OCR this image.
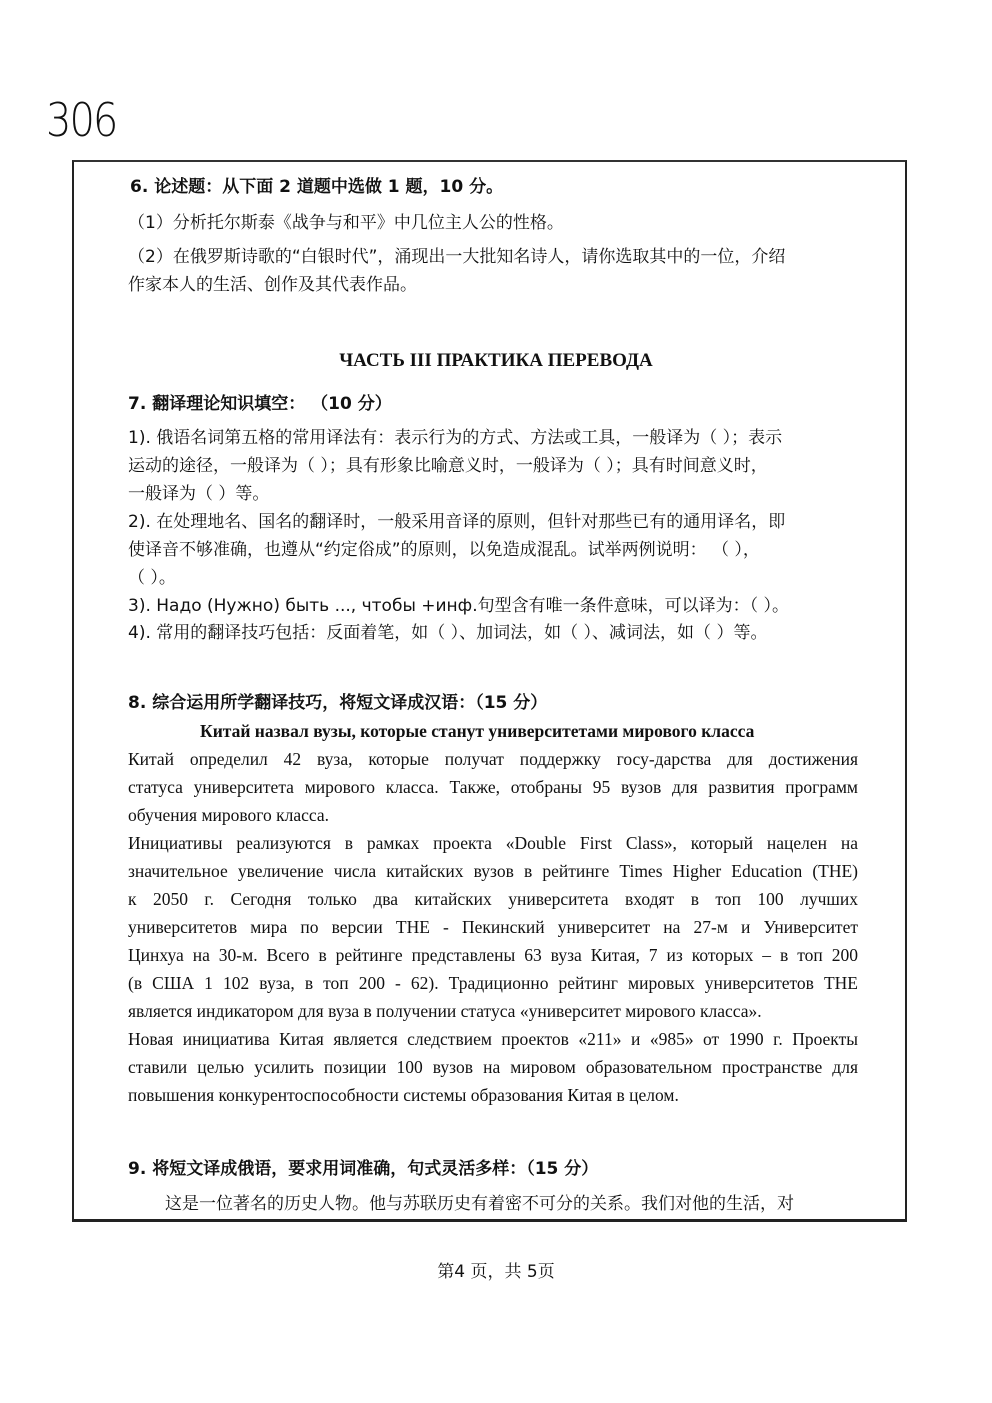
306
6. 论述题：从下面 2 道题中选做 1 题，10 分。
（1）分析托尔斯泰《战争与和平》中几位主人公的性格。
（2）在俄罗斯诗歌的“白银时代”，涌现出一大批知名诗人，请你选取其中的一位，介绍
作家本人的生活、创作及其代表作品。
ЧАСТЬ III ПРАКТИКА ПЕРЕВОДА
7. 翻译理论知识填空： （10 分）
1). 俄语名词第五格的常用译法有：表示行为的方式、方法或工具，一般译为（ ）；表示
运动的途径，一般译为（ ）；具有形象比喻意义时，一般译为（ ）；具有时间意义时，
一般译为（ ）等。
2). 在处理地名、国名的翻译时，一般采用音译的原则，但针对那些已有的通用译名，即
使译音不够准确，也遵从“约定俗成”的原则，以免造成混乱。试举两例说明： （ ），
（ ）。
3). Надо (Нужно) быть ..., чтобы +инф.句型含有唯一条件意味，可以译为：（ ）。
4). 常用的翻译技巧包括：反面着笔，如（ ）、加词法，如（ ）、减词法，如（ ）等。
8. 综合运用所学翻译技巧，将短文译成汉语：（15 分）
Китай назвал вузы, которые станут университетами мирового класса
Китай определил 42 вуза, которые получат поддержку госу-дарства для достижения
статуса университета мирового класса. Также, отобраны 95 вузов для развития программ
обучения мирового класса.
Инициативы реализуются в рамках проекта «Double First Class», который нацелен на
значительное увеличение числа китайских вузов в рейтинге Times Higher Education (THE)
к 2050 г. Сегодня только два китайских университета входят в топ 100 лучших
университетов мира по версии THE - Пекинский университет на 27-м и Университет
Цинхуа на 30-м. Всего в рейтинге представлены 63 вуза Китая, 7 из которых – в топ 200
(в США 1 102 вуза, в топ 200 - 62). Традиционно рейтинг мировых университетов THE
является индикатором для вуза в получении статуса «университет мирового класса».
Новая инициатива Китая является следствием проектов «211» и «985» от 1990 г. Проекты
ставили целью усилить позиции 100 вузов на мировом образовательном пространстве для
повышения конкурентоспособности системы образования Китая в целом.
9. 将短文译成俄语，要求用词准确，句式灵活多样：（15 分）
这是一位著名的历史人物。他与苏联历史有着密不可分的关系。我们对他的生活，对
第4 页，共 5页
